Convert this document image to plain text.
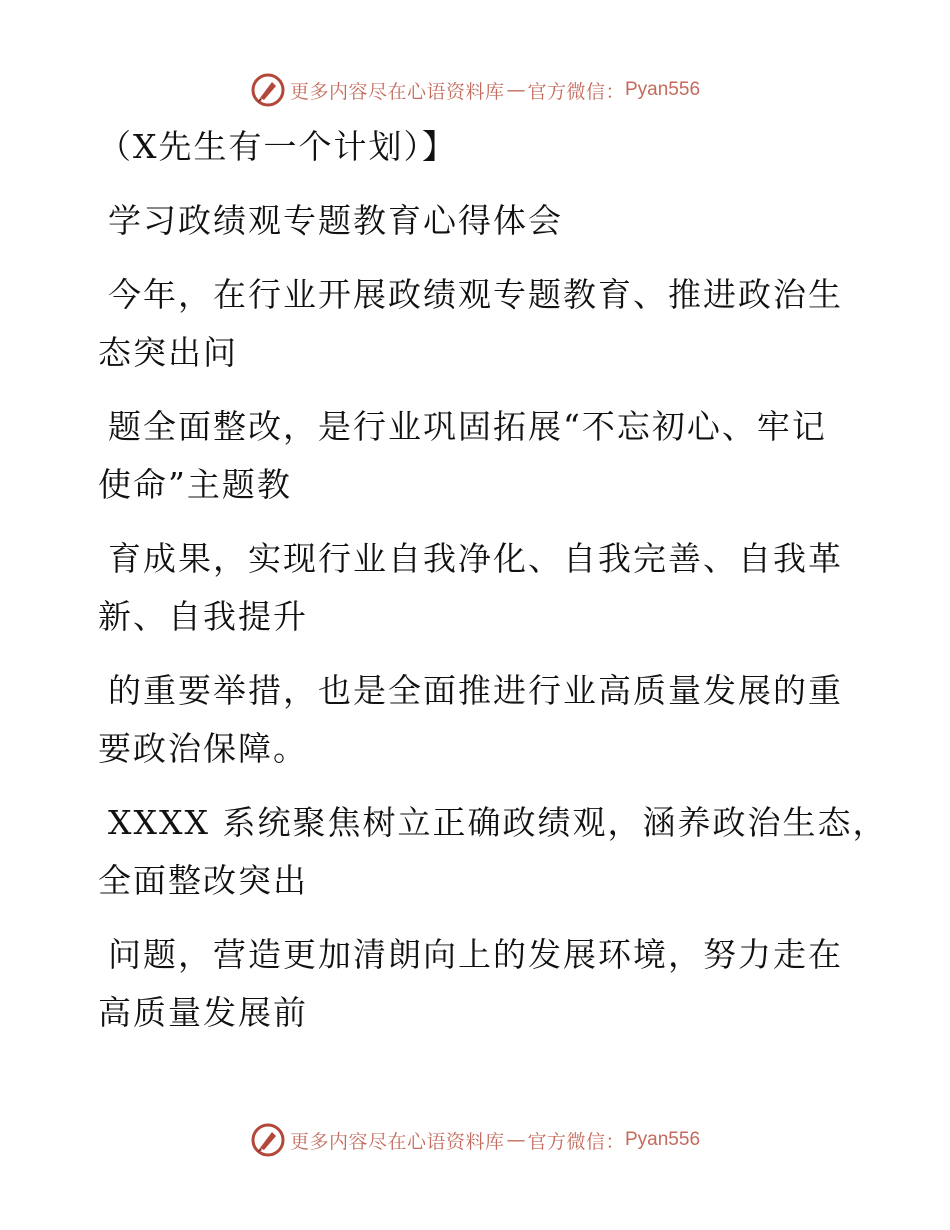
更多内容尽在心语资料库 — 官方微信： Pyan556
（X先生有一个计划）】
学习政绩观专题教育心得体会
今年，在行业开展政绩观专题教育、推进政治生
态突出问
题全面整改，是行业巩固拓展“不忘初心、牢记
使命”主题教
育成果，实现行业自我净化、自我完善、自我革
新、自我提升
的重要举措，也是全面推进行业高质量发展的重
要政治保障。
XXXX 系统聚焦树立正确政绩观，涵养政治生态，
全面整改突出
问题，营造更加清朗向上的发展环境，努力走在
高质量发展前
更多内容尽在心语资料库 — 官方微信： Pyan556
